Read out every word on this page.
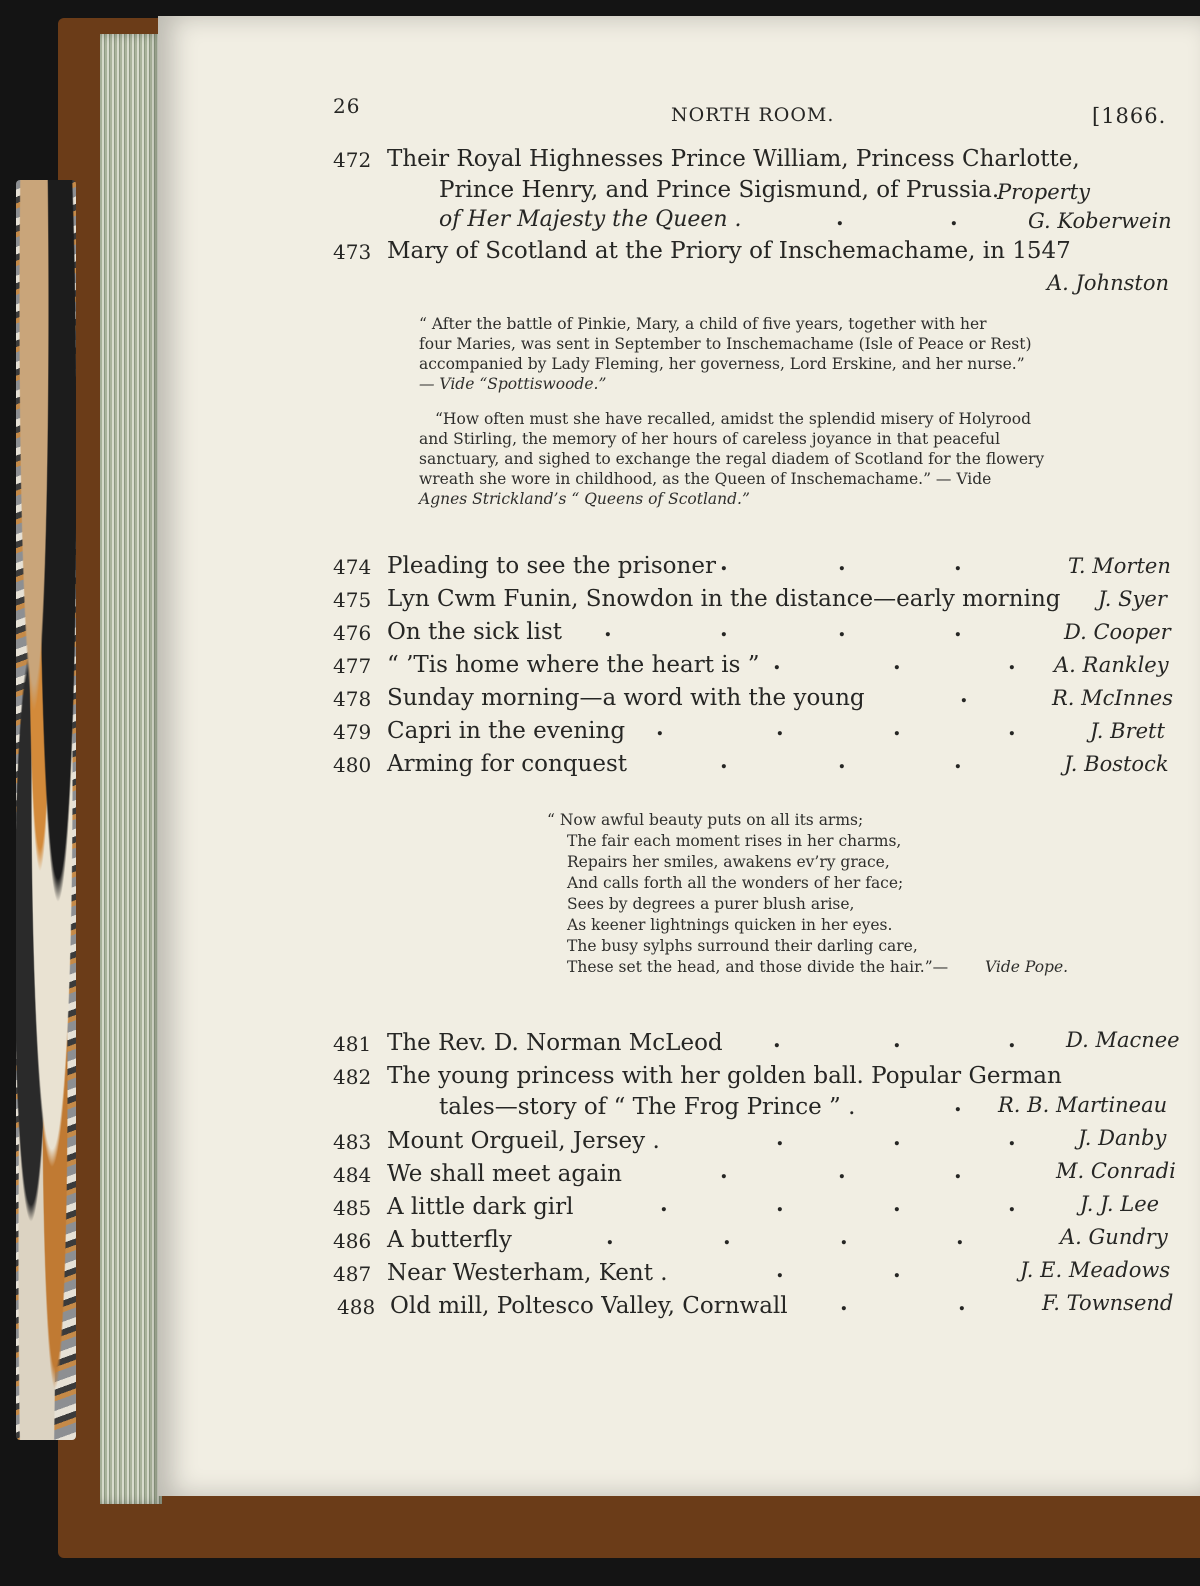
26	NORTH ROOM.	[1866.
472 Their Royal Highnesses Prince William, Princess Charlotte,
Prince Henry, and Prince Sigismund, of Prussia.
Property
of Her Majesty the Queen .	.	.	G. Koberwein
473 Mary of Scotland at the Priory of Inschemachame, in 1547
A. Johnston
“ After the battle of Pinkie, Mary, a child of five years, together with her
four Maries, was sent in September to Inschemachame (Isle of Peace or Rest)
accompanied by Lady Fleming, her governess, Lord Erskine, and her nurse.”
— Vide “Spottiswoode.”
“How often must she have recalled, amidst the splendid misery of Holyrood
and Stirling, the memory of her hours of careless joyance in that peaceful
sanctuary, and sighed to exchange the regal diadem of Scotland for the flowery
wreath she wore in childhood, as the Queen of Inschemachame.” — Vide
Agnes Strickland’s “ Queens of Scotland.”
474 Pleading to see the prisoner .	.	.	T. Morten
475 Lyn Cwm Funin, Snowdon in the distance—early morning J. Syer
476 On the sick list .	.	.	.	D. Cooper
477 “ ’Tis home where the heart is ” .	.	. A. Rankley
478 Sunday morning—a word with the young	.	R. McInnes
479 Capri in the evening .	.	.	.	J. Brett
480 Arming for conquest	.	.	.	J. Bostock
“ Now awful beauty puts on all its arms;
The fair each moment rises in her charms,
Repairs her smiles, awakens ev’ry grace,
And calls forth all the wonders of her face;
Sees by degrees a purer blush arise,
As keener lightnings quicken in her eyes.
The busy sylphs surround their darling care,
These set the head, and those divide the hair.”— Vide Pope.
481 The Rev. D. Norman McLeod .	.	. D. Macnee
482 The young princess with her golden ball. Popular German
tales—story of “ The Frog Prince ” .	. R. B. Martineau
483 Mount Orgueil, Jersey .	.	.	.	J. Danby
484 We shall meet again	.	.	.	M. Conradi
485 A little dark girl	.	.	.	.	J. J. Lee
486 A butterfly	.	.	.	.	A. Gundry
487 Near Westerham, Kent .	.	.	J. E. Meadows
488 Old mill, Poltesco Valley, Cornwall .	.	F. Townsend
